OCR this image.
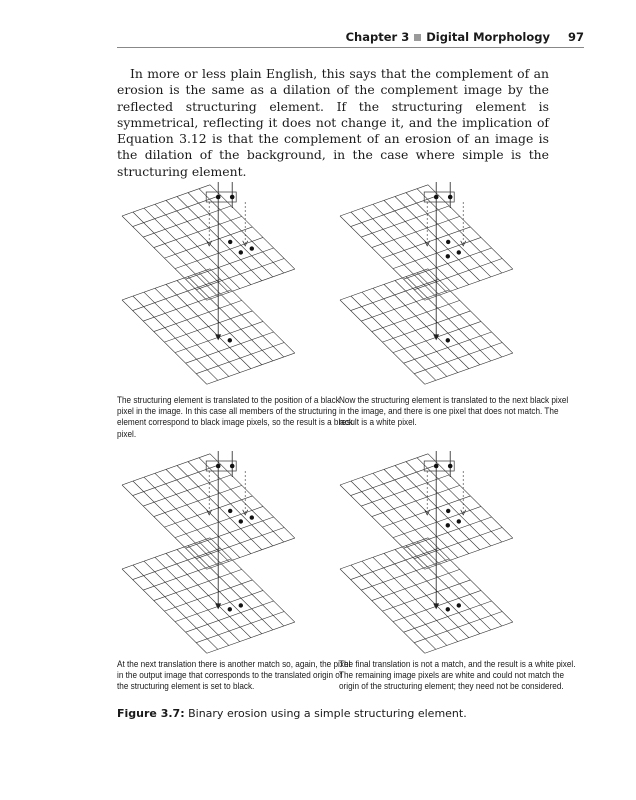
Chapter 3 Digital Morphology 97

In more or less plain English, this says that the complement of an erosion is the same as a dilation of the complement image by the reflected structuring element. If the structuring element is symmetrical, reflecting it does not change it, and the implication of Equation 3.12 is that the complement of an erosion of an image is the dilation of the background, in the case where simple is the structuring element.

The structuring element is translated to the position of a black pixel in the image. In this case all members of the structuring element correspond to black image pixels, so the result is a black pixel.

Now the structuring element is translated to the next black pixel in the image, and there is one pixel that does not match. The result is a white pixel.

At the next translation there is another match so, again, the pixel in the output image that corresponds to the translated origin of the structuring element is set to black.

The final translation is not a match, and the result is a white pixel. The remaining image pixels are white and could not match the origin of the structuring element; they need not be considered.

Figure 3.7: Binary erosion using a simple structuring element.
